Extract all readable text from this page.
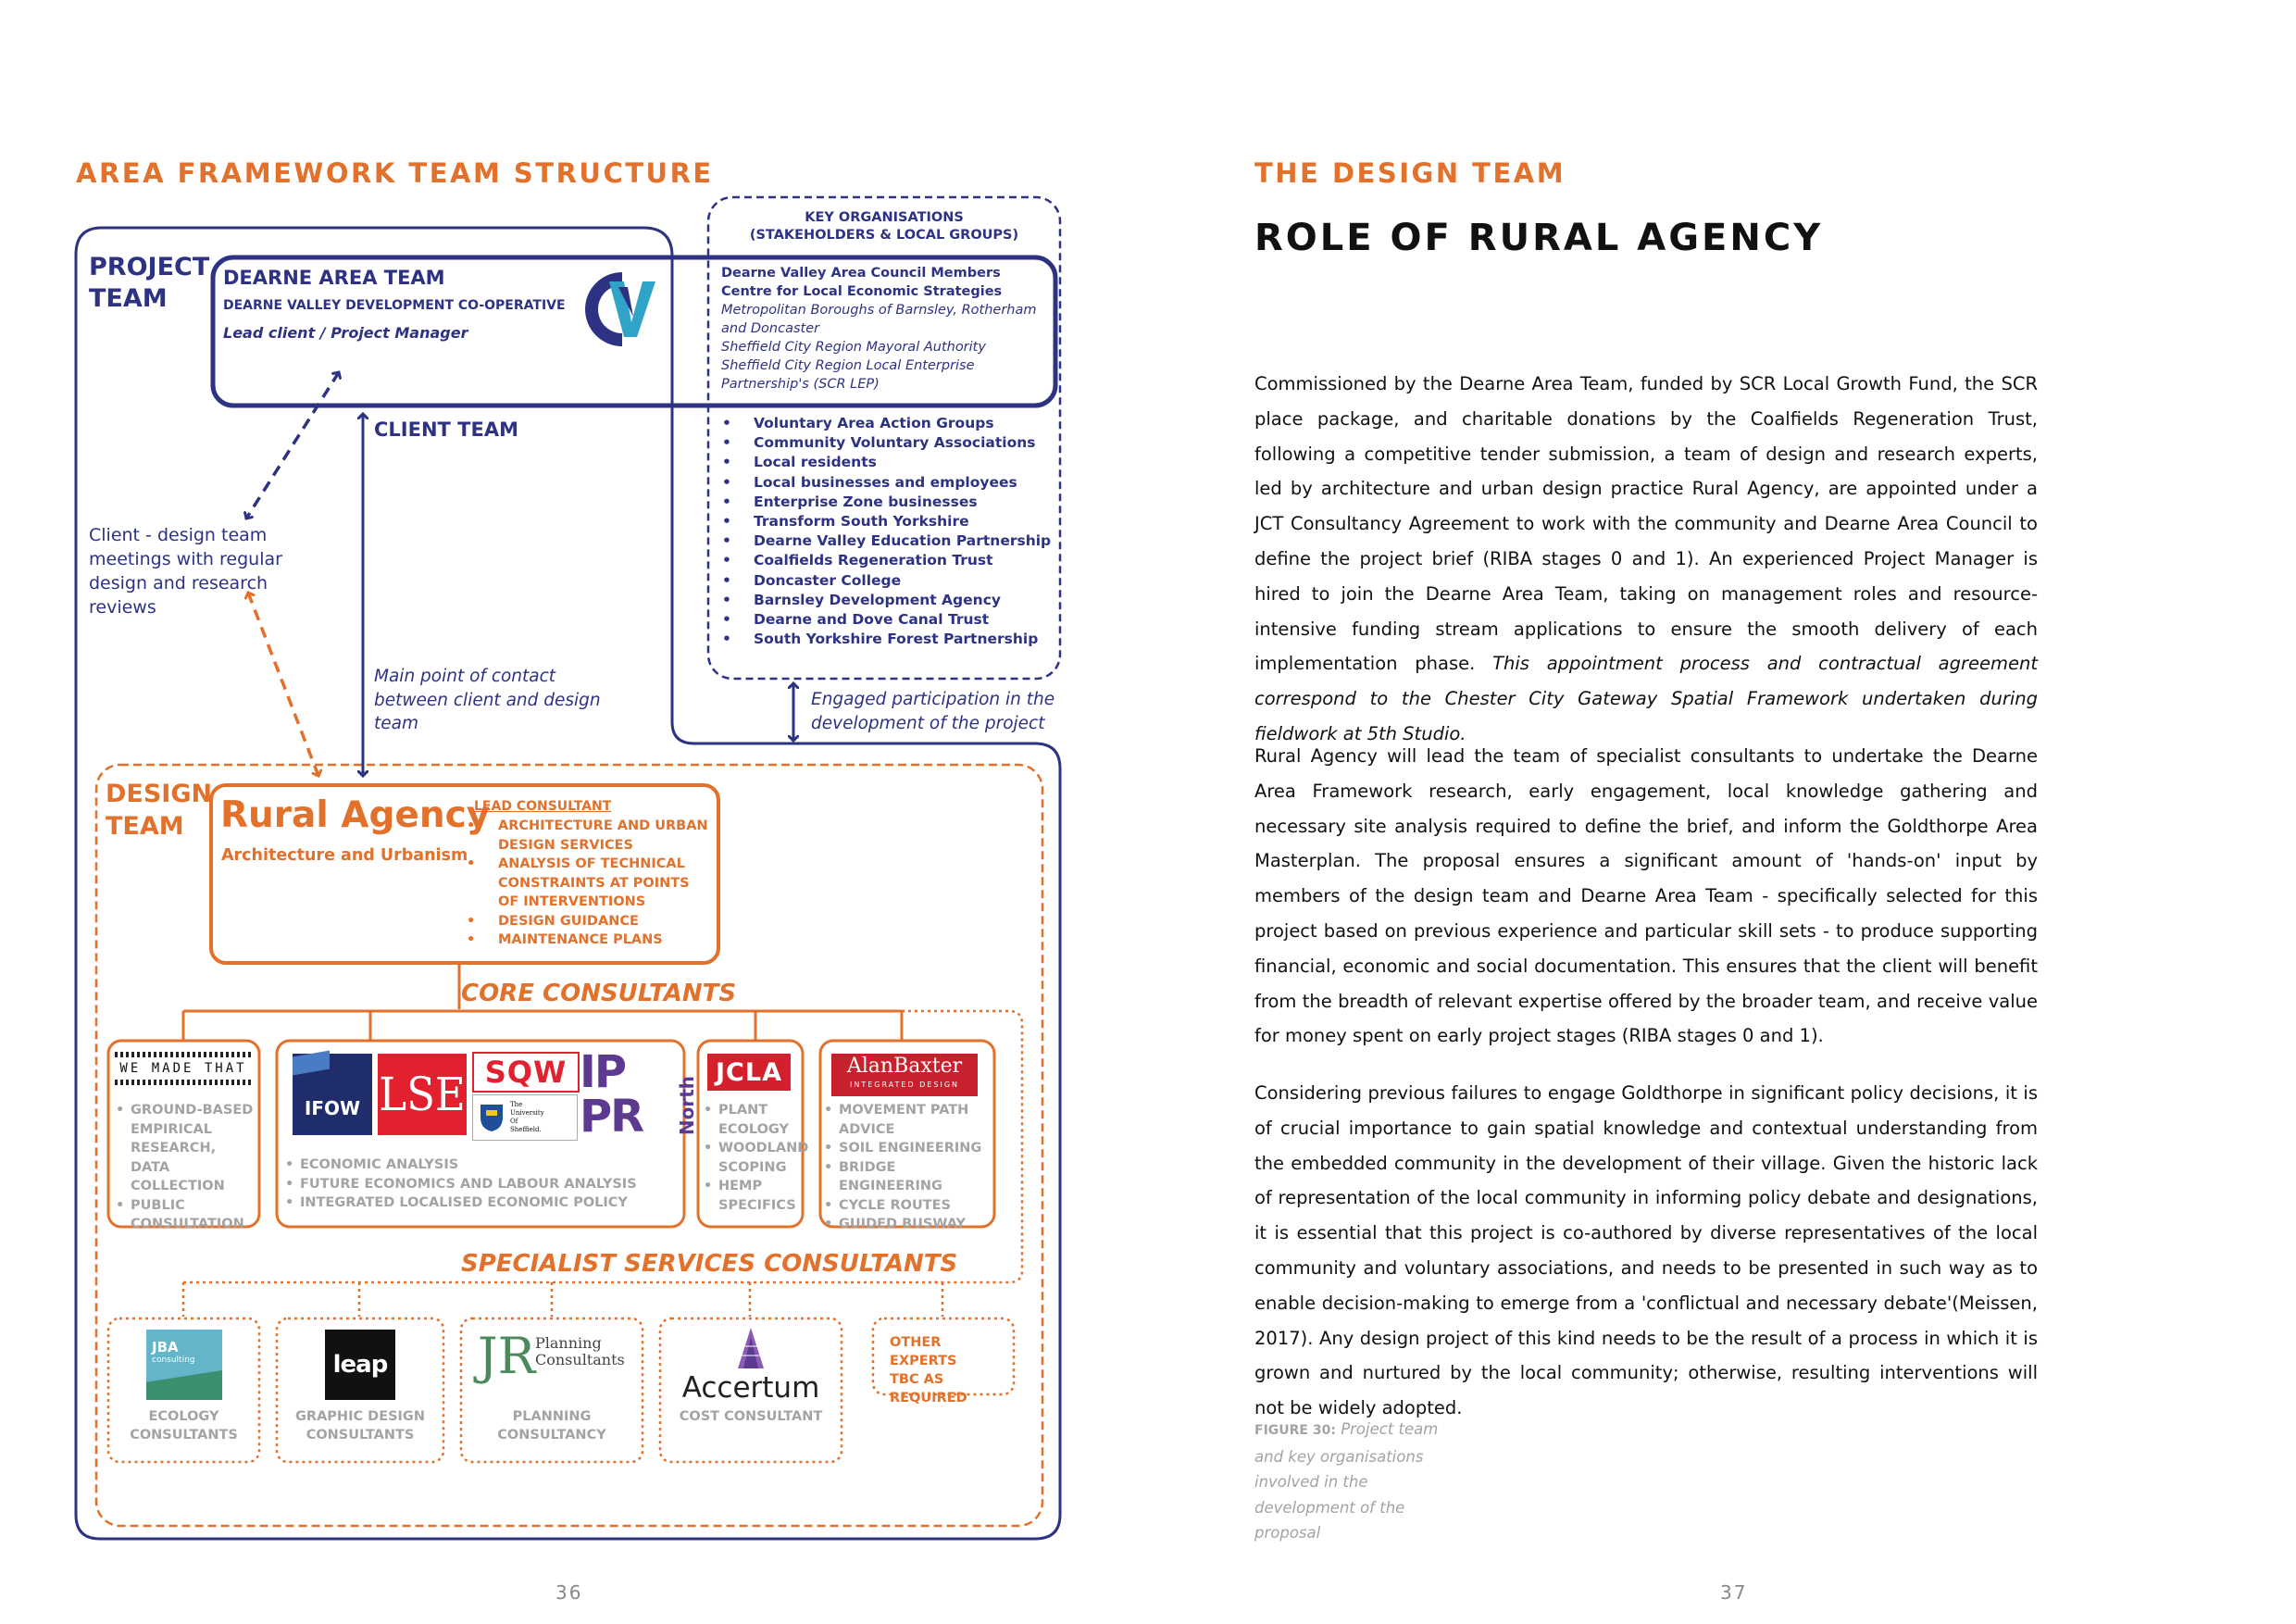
AREA FRAMEWORK TEAM STRUCTURE
PROJECT
TEAM
DEARNE AREA TEAM
DEARNE VALLEY DEVELOPMENT CO-OPERATIVE
Lead client / Project Manager
KEY ORGANISATIONS
(STAKEHOLDERS & LOCAL GROUPS)
Dearne Valley Area Council Members
Centre for Local Economic Strategies
Metropolitan Boroughs of Barnsley, Rotherham
and Doncaster
Sheffield City Region Mayoral Authority
Sheffield City Region Local Enterprise
Partnership's (SCR LEP)
• Voluntary Area Action Groups
• Community Voluntary Associations
• Local residents
• Local businesses and employees
• Enterprise Zone businesses
• Transform South Yorkshire
• Dearne Valley Education Partnership
• Coalfields Regeneration Trust
• Doncaster College
• Barnsley Development Agency
• Dearne and Dove Canal Trust
• South Yorkshire Forest Partnership
CLIENT TEAM
Client - design team
meetings with regular
design and research
reviews
Main point of contact
between client and design
team
Engaged participation in the
development of the project
DESIGN
TEAM	Rural Agency
Architecture and Urbanism
LEAD CONSULTANT
• ARCHITECTURE AND URBAN DESIGN SERVICES
• ANALYSIS OF TECHNICAL CONSTRAINTS AT POINTS OF INTERVENTIONS
• DESIGN GUIDANCE
• MAINTENANCE PLANS
CORE CONSULTANTS
WE MADE THAT
• GROUND-BASED EMPIRICAL RESEARCH, DATA COLLECTION
• PUBLIC CONSULTATION
IFOW LSE SQW
The University Of Sheffield.
IPPR	North
• ECONOMIC ANALYSIS
• FUTURE ECONOMICS AND LABOUR ANALYSIS
• INTEGRATED LOCALISED ECONOMIC POLICY
JCLA
• PLANT ECOLOGY
• WOODLAND SCOPING
• HEMP SPECIFICS
AlanBaxter
INTEGRATED DESIGN
• MOVEMENT PATH ADVICE
• SOIL ENGINEERING
• BRIDGE ENGINEERING
• CYCLE ROUTES
• GUIDED BUSWAY
SPECIALIST SERVICES CONSULTANTS
JBA
consulting
ECOLOGY
CONSULTANTS
leap
GRAPHIC DESIGN
CONSULTANTS
JR Planning Consultants
PLANNING
CONSULTANCY
Accertum
COST CONSULTANT
OTHER EXPERTS
TBC AS
REQUIRED
36
THE DESIGN TEAM
ROLE OF RURAL AGENCY
Commissioned by the Dearne Area Team, funded by SCR Local Growth Fund, the SCR place package, and charitable donations by the Coalfields Regeneration Trust, following a competitive tender submission, a team of design and research experts, led by architecture and urban design practice Rural Agency, are appointed under a JCT Consultancy Agreement to work with the community and Dearne Area Council to define the project brief (RIBA stages 0 and 1). An experienced Project Manager is hired to join the Dearne Area Team, taking on management roles and resource-intensive funding stream applications to ensure the smooth delivery of each implementation phase. This appointment process and contractual agreement correspond to the Chester City Gateway Spatial Framework undertaken during fieldwork at 5th Studio.
Rural Agency will lead the team of specialist consultants to undertake the Dearne Area Framework research, early engagement, local knowledge gathering and necessary site analysis required to define the brief, and inform the Goldthorpe Area Masterplan. The proposal ensures a significant amount of 'hands-on' input by members of the design team and Dearne Area Team - specifically selected for this project based on previous experience and particular skill sets - to produce supporting financial, economic and social documentation. This ensures that the client will benefit from the breadth of relevant expertise offered by the broader team, and receive value for money spent on early project stages (RIBA stages 0 and 1).
Considering previous failures to engage Goldthorpe in significant policy decisions, it is of crucial importance to gain spatial knowledge and contextual understanding from the embedded community in the development of their village. Given the historic lack of representation of the local community in informing policy debate and designations, it is essential that this project is co-authored by diverse representatives of the local community and voluntary associations, and needs to be presented in such way as to enable decision-making to emerge from a 'conflictual and necessary debate'(Meissen, 2017). Any design project of this kind needs to be the result of a process in which it is grown and nurtured by the local community; otherwise, resulting interventions will not be widely adopted.
FIGURE 30: Project team
and key organisations
involved in the
development of the
proposal
37
